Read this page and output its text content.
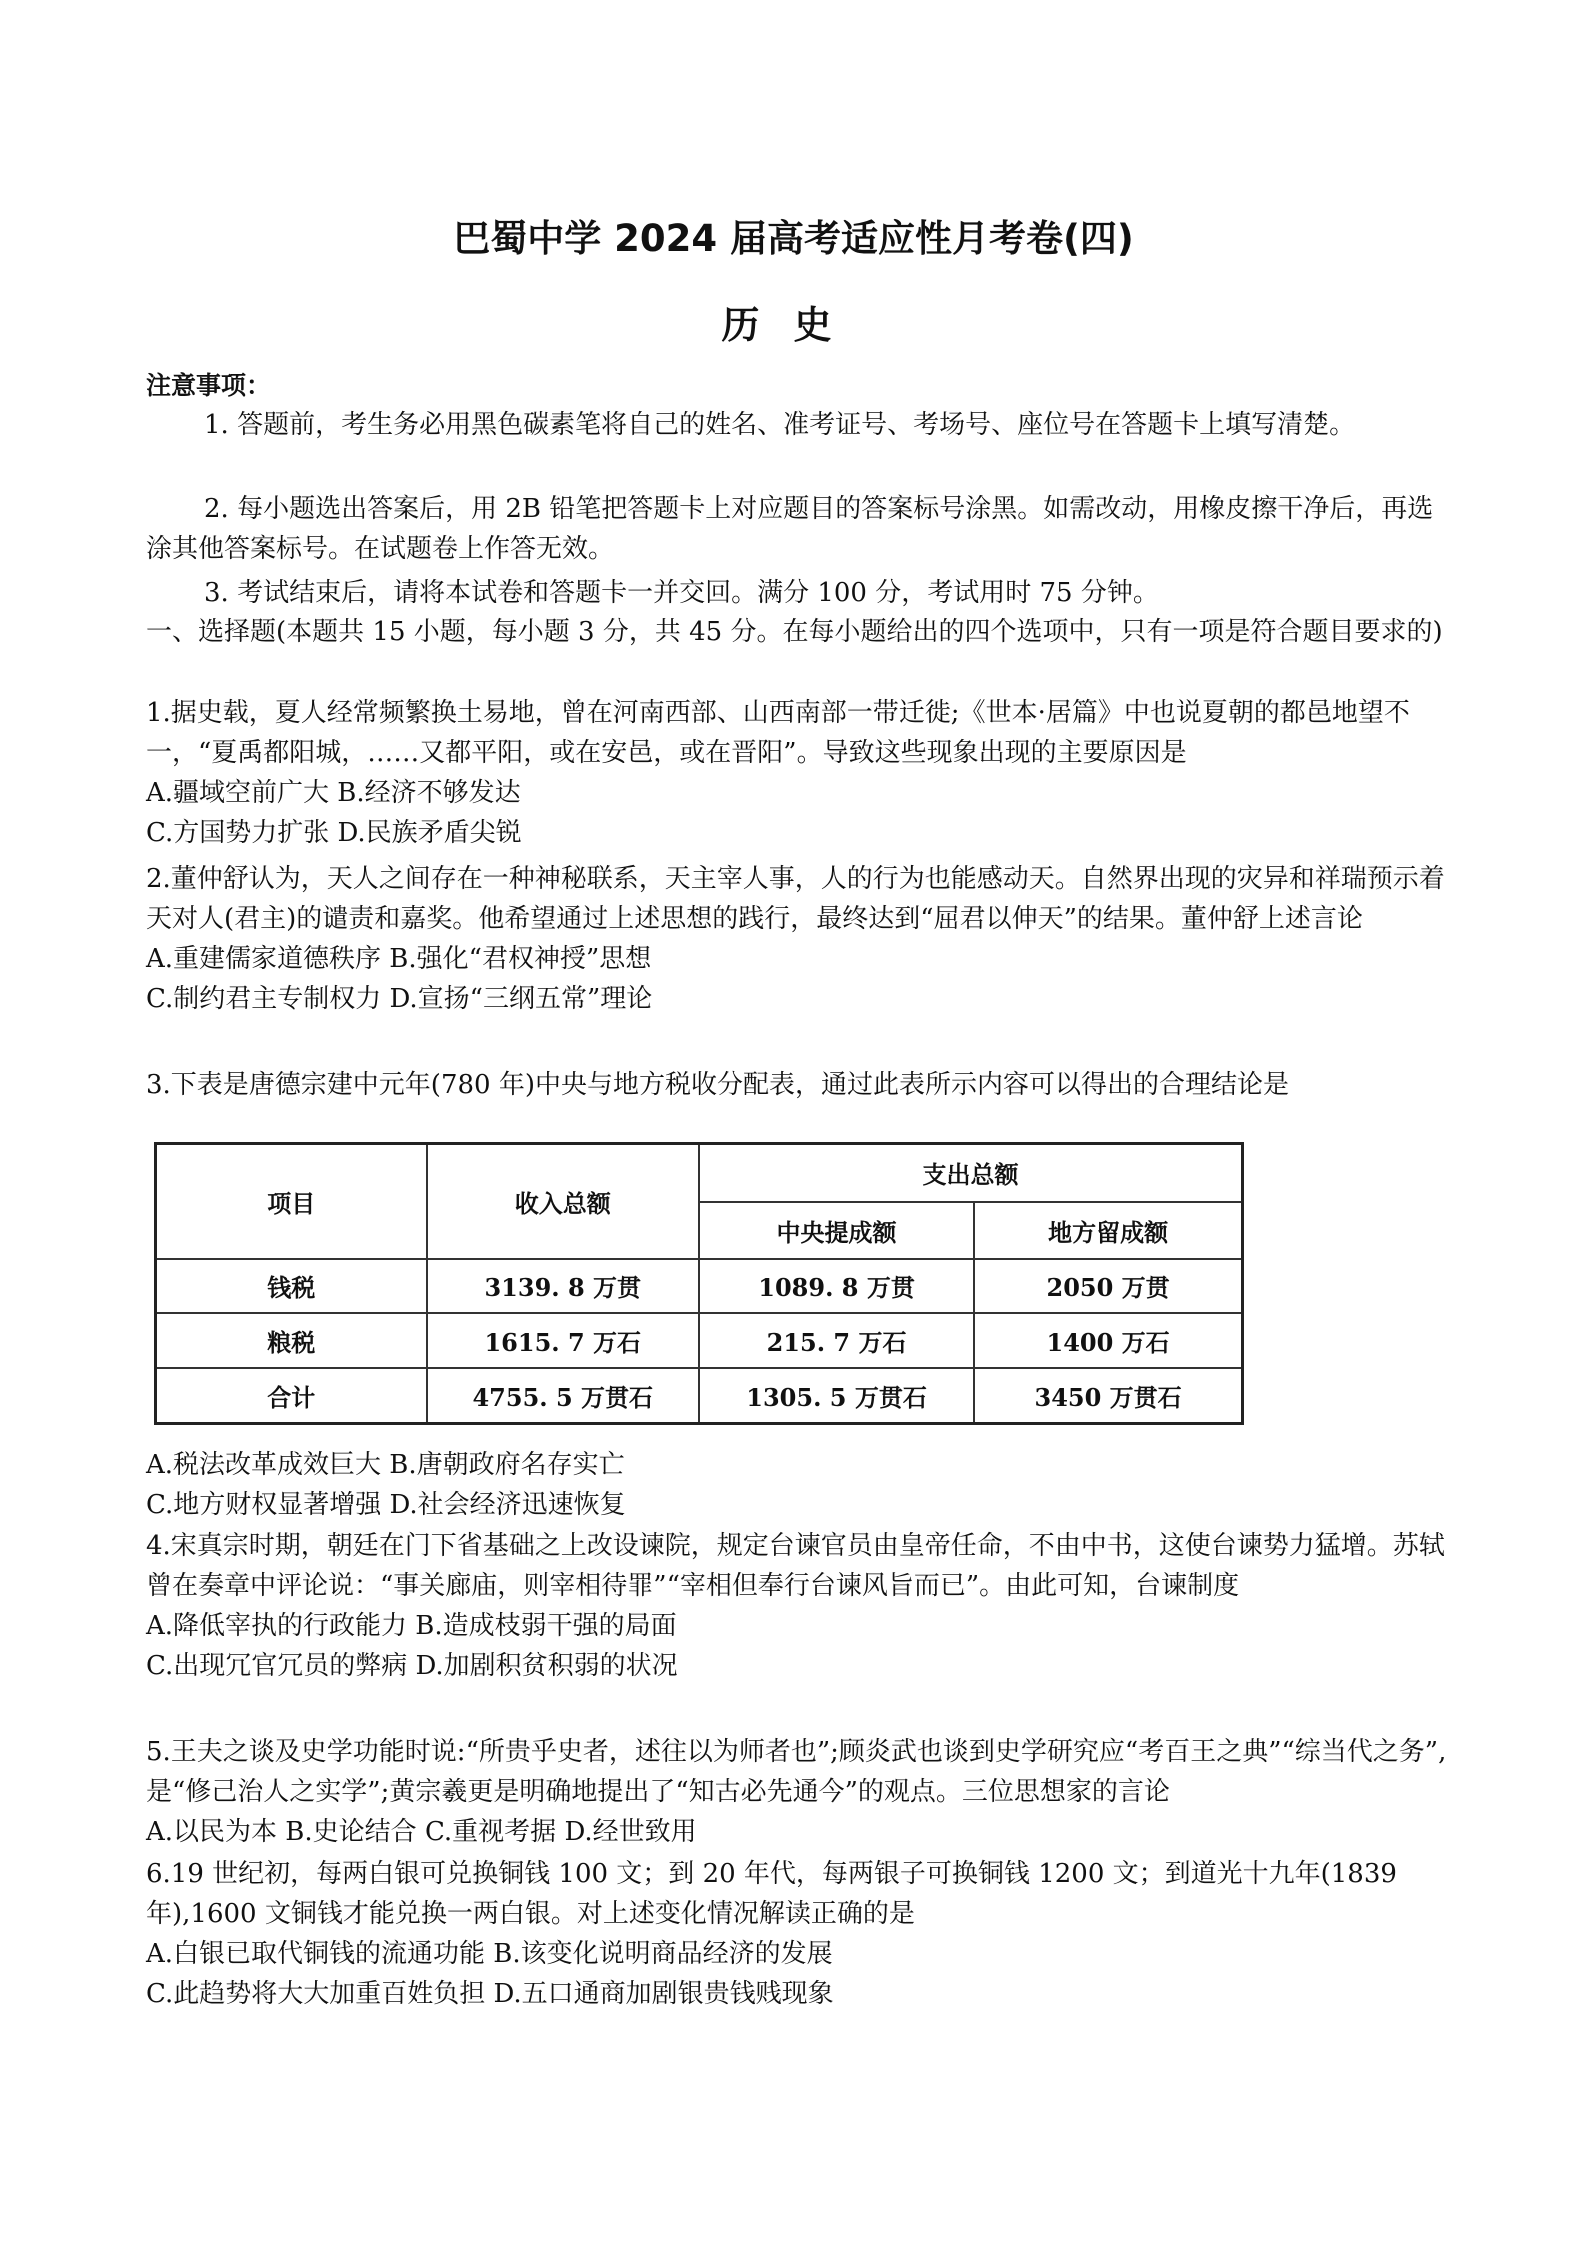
巴蜀中学 2024 届高考适应性月考卷(四)
历史
注意事项：

1. 答题前，考生务必用黑色碳素笔将自己的姓名、准考证号、考场号、座位号在答题卡上填写清楚。

2. 每小题选出答案后，用 2B 铅笔把答题卡上对应题目的答案标号涂黑。如需改动，用橡皮擦干净后，再选涂其他答案标号。在试题卷上作答无效。

3. 考试结束后，请将本试卷和答题卡一并交回。满分 100 分，考试用时 75 分钟。

一、选择题(本题共 15 小题，每小题 3 分，共 45 分。在每小题给出的四个选项中，只有一项是符合题目要求的)

1.据史载，夏人经常频繁换土易地，曾在河南西部、山西南部一带迁徙;《世本·居篇》中也说夏朝的都邑地望不一，“夏禹都阳城，……又都平阳，或在安邑，或在晋阳”。导致这些现象出现的主要原因是

A.疆域空前广大 B.经济不够发达

C.方国势力扩张 D.民族矛盾尖锐

2.董仲舒认为，天人之间存在一种神秘联系，天主宰人事，人的行为也能感动天。自然界出现的灾异和祥瑞预示着天对人(君主)的谴责和嘉奖。他希望通过上述思想的践行，最终达到“屈君以伸天”的结果。董仲舒上述言论

A.重建儒家道德秩序 B.强化“君权神授”思想

C.制约君主专制权力 D.宣扬“三纲五常”理论

3.下表是唐德宗建中元年(780 年)中央与地方税收分配表，通过此表所示内容可以得出的合理结论是

项目	收入总额	支出总额	
		中央提成额	地方留成额
钱税	3139. 8 万贯	1089. 8 万贯	2050 万贯
粮税	1615. 7 万石	215. 7 万石	1400 万石
合计	4755. 5 万贯石	1305. 5 万贯石	3450 万贯石

A.税法改革成效巨大 B.唐朝政府名存实亡

C.地方财权显著增强 D.社会经济迅速恢复

4.宋真宗时期，朝廷在门下省基础之上改设谏院，规定台谏官员由皇帝任命，不由中书，这使台谏势力猛增。苏轼曾在奏章中评论说：“事关廊庙，则宰相待罪”“宰相但奉行台谏风旨而已”。由此可知，台谏制度

A.降低宰执的行政能力 B.造成枝弱干强的局面

C.出现冗官冗员的弊病 D.加剧积贫积弱的状况

5.王夫之谈及史学功能时说:“所贵乎史者，述往以为师者也”;顾炎武也谈到史学研究应“考百王之典”“综当代之务”,是“修己治人之实学”;黄宗羲更是明确地提出了“知古必先通今”的观点。三位思想家的言论

A.以民为本 B.史论结合 C.重视考据 D.经世致用

6.19 世纪初，每两白银可兑换铜钱 100 文；到 20 年代，每两银子可换铜钱 1200 文；到道光十九年(1839 年),1600 文铜钱才能兑换一两白银。对上述变化情况解读正确的是

A.白银已取代铜钱的流通功能 B.该变化说明商品经济的发展

C.此趋势将大大加重百姓负担 D.五口通商加剧银贵钱贱现象
